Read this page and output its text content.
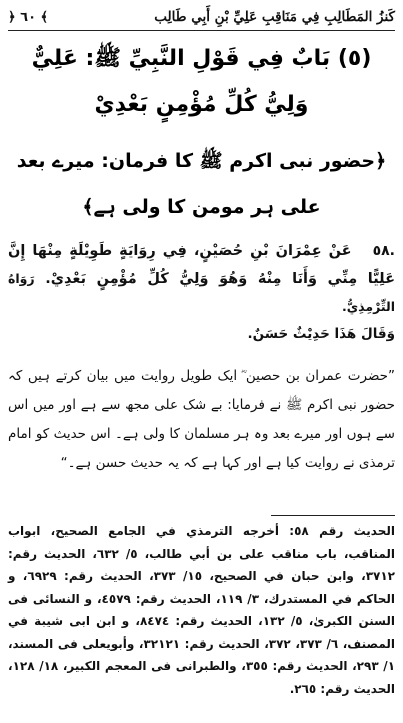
كَنزُ المَطَالِبِ فِي مَنَاقِبِ عَلِيِّ بْنِ أَبِي طَالِب
﴿ ٦٠ ﴾
(٥) بَابٌ فِي قَوْلِ النَّبِيِّ ﷺ: عَلِيٌّ وَلِيُّ كُلِّ مُؤْمِنٍ بَعْدِيْ
﴿حضور نبی اکرم ﷺ کا فرمان: میرے بعد علی ہر مومن کا ولی ہے﴾
٥٨. عَنْ عِمْرَانَ بْنِ حُصَيْنٍ، فِي رِوَايَةٍ طَوِيْلَةٍ مِنْهَا إِنَّ عَلِيًّا مِنِّي وَأَنَا مِنْهُ وَهُوَ وَلِيُّ كُلِّ مُؤْمِنٍ بَعْدِيْ. رَوَاهُ التِّرْمِذِيُّ.
وَقَالَ هَذَا حَدِيْثٌ حَسَنٌ.
”حضرت عمران بن حصین ؓ ایک طویل روایت میں بیان کرتے ہیں کہ حضور نبی اکرم ﷺ نے فرمایا: بے شک علی مجھ سے ہے اور میں اس سے ہوں اور میرے بعد وہ ہر مسلمان کا ولی ہے۔ اس حدیث کو امام ترمذی نے روایت کیا ہے اور کہا ہے کہ یہ حدیث حسن ہے۔“
الحديث رقم ٥٨: أخرجه الترمذي في الجامع الصحيح، ابواب المناقب، باب مناقب علی بن أبي طالب، ٥/ ٦٣٢، الحديث رقم: ٣٧١٢، وابن حبان في الصحيح، ١٥/ ٣٧٣، الحديث رقم: ٦٩٢٩، و الحاكم في المستدرك، ٣/ ١١٩، الحديث رقم: ٤٥٧٩، و النسائی فی السنن الکبریٰ، ٥/ ١٣٢، الحديث رقم: ٨٤٧٤، و ابن ابی شيبة في المصنف، ٦/ ٣٧٣، ٣٧٢، الحديث رقم: ٣٢١٢١، وأبويعلی فی المسند، ١/ ٢٩٣، الحديث رقم: ٣٥٥، والطبرانی فی المعجم الکبير، ١٨/ ١٢٨، الحديث رقم: ٢٦٥.
